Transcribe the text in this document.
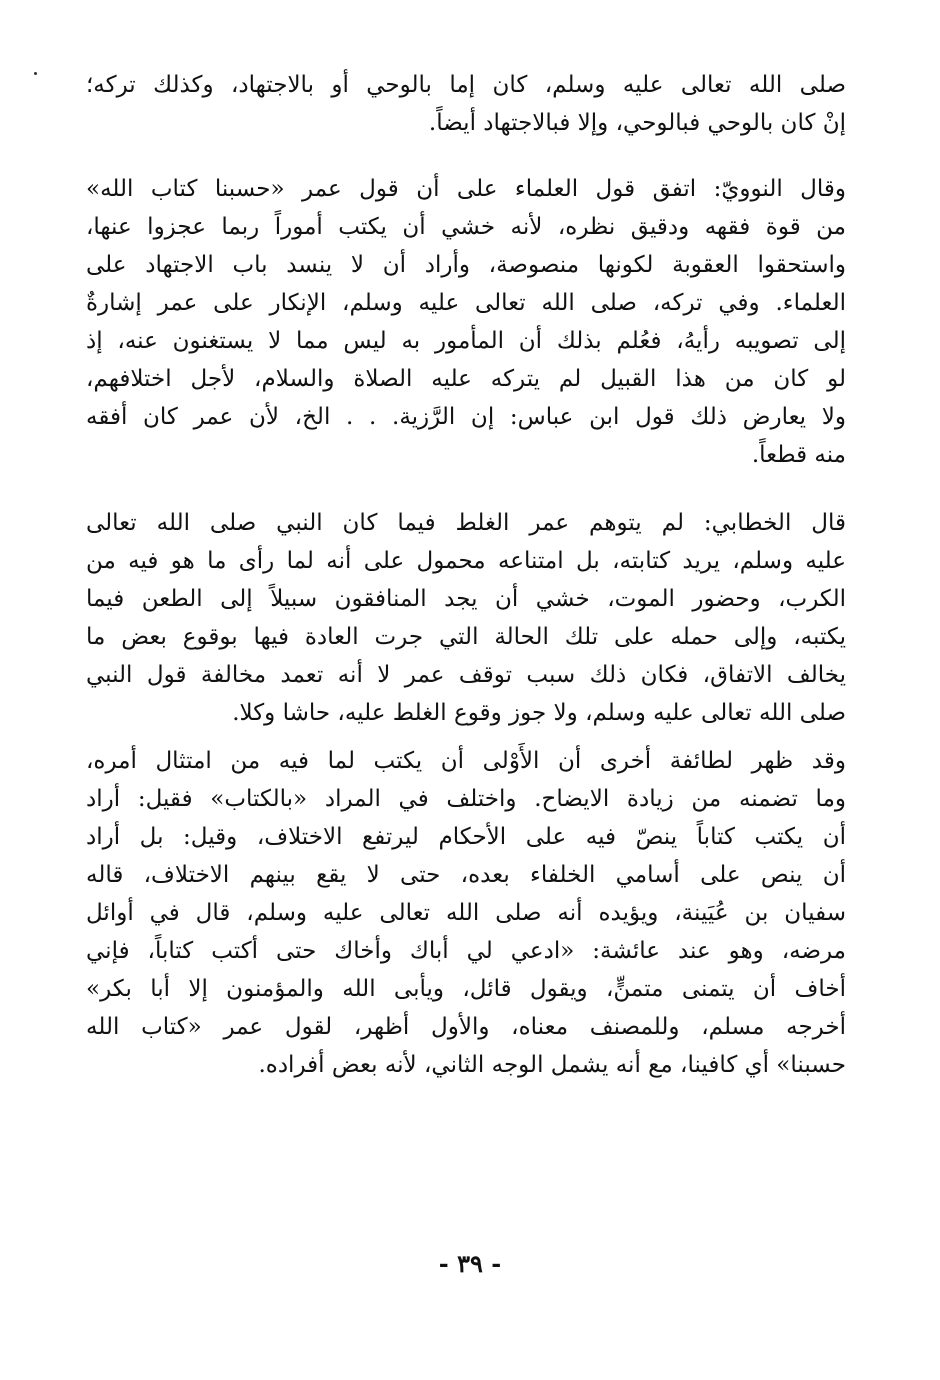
صلى الله تعالى عليه وسلم، كان إما بالوحي أو بالاجتهاد، وكذلك تركه؛
إنْ كان بالوحي فبالوحي، وإلا فبالاجتهاد أيضاً.
وقال النوويّ: اتفق قول العلماء على أن قول عمر «حسبنا كتاب الله»
من قوة فقهه ودقيق نظره، لأنه خشي أن يكتب أموراً ربما عجزوا عنها،
واستحقوا العقوبة لكونها منصوصة، وأراد أن لا ينسد باب الاجتهاد على
العلماء. وفي تركه، صلى الله تعالى عليه وسلم، الإنكار على عمر إشارةٌ
إلى تصويبه رأيهُ، فعُلم بذلك أن المأمور به ليس مما لا يستغنون عنه، إذ
لو كان من هذا القبيل لم يتركه عليه الصلاة والسلام، لأجل اختلافهم،
ولا يعارض ذلك قول ابن عباس: إن الرَّزية. . . الخ، لأن عمر كان أفقه
منه قطعاً.
قال الخطابي: لم يتوهم عمر الغلط فيما كان النبي صلى الله تعالى
عليه وسلم، يريد كتابته، بل امتناعه محمول على أنه لما رأى ما هو فيه من
الكرب، وحضور الموت، خشي أن يجد المنافقون سبيلاً إلى الطعن فيما
يكتبه، وإلى حمله على تلك الحالة التي جرت العادة فيها بوقوع بعض ما
يخالف الاتفاق، فكان ذلك سبب توقف عمر لا أنه تعمد مخالفة قول النبي
صلى الله تعالى عليه وسلم، ولا جوز وقوع الغلط عليه، حاشا وكلا.
وقد ظهر لطائفة أخرى أن الأَوْلى أن يكتب لما فيه من امتثال أمره،
وما تضمنه من زيادة الايضاح. واختلف في المراد «بالكتاب» فقيل: أراد
أن يكتب كتاباً ينصّ فيه على الأحكام ليرتفع الاختلاف، وقيل: بل أراد
أن ينص على أسامي الخلفاء بعده، حتى لا يقع بينهم الاختلاف، قاله
سفيان بن عُيَينة، ويؤيده أنه صلى الله تعالى عليه وسلم، قال في أوائل
مرضه، وهو عند عائشة: «ادعي لي أباك وأخاك حتى أكتب كتاباً، فإني
أخاف أن يتمنى متمنٍّ، ويقول قائل، ويأبى الله والمؤمنون إلا أبا بكر»
أخرجه مسلم، وللمصنف معناه، والأول أظهر، لقول عمر «كتاب الله
حسبنا» أي كافينا، مع أنه يشمل الوجه الثاني، لأنه بعض أفراده.
- ٣٩ -
